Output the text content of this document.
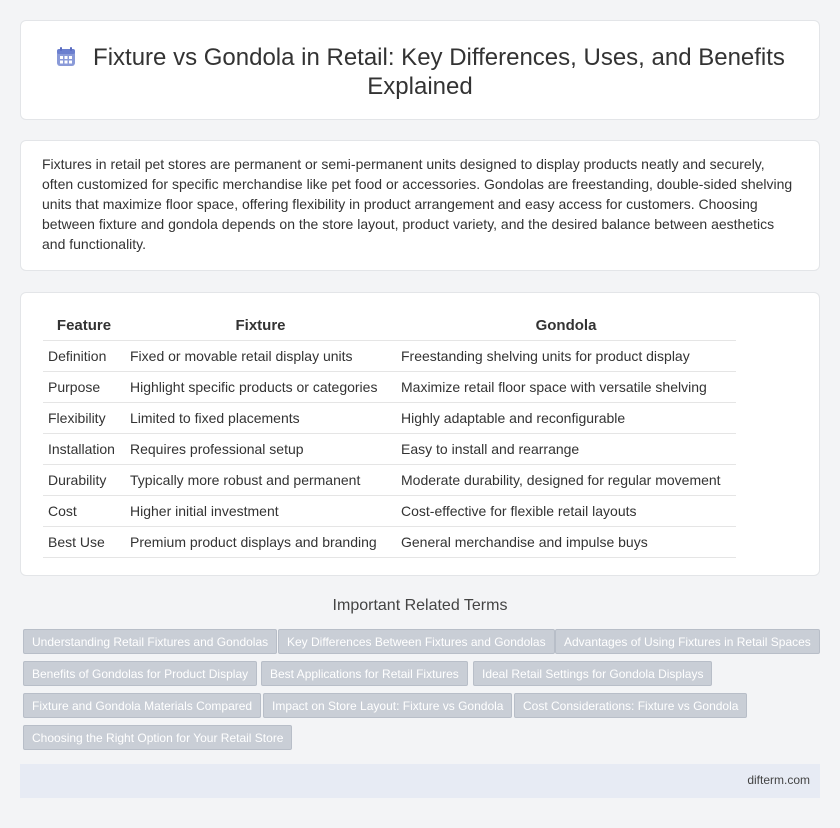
Fixture vs Gondola in Retail: Key Differences, Uses, and Benefits Explained

Fixtures in retail pet stores are permanent or semi-permanent units designed to display products neatly and securely, often customized for specific merchandise like pet food or accessories. Gondolas are freestanding, double-sided shelving units that maximize floor space, offering flexibility in product arrangement and easy access for customers. Choosing between fixture and gondola depends on the store layout, product variety, and the desired balance between aesthetics and functionality.

Feature	Fixture	Gondola
Definition	Fixed or movable retail display units	Freestanding shelving units for product display
Purpose	Highlight specific products or categories	Maximize retail floor space with versatile shelving
Flexibility	Limited to fixed placements	Highly adaptable and reconfigurable
Installation	Requires professional setup	Easy to install and rearrange
Durability	Typically more robust and permanent	Moderate durability, designed for regular movement
Cost	Higher initial investment	Cost-effective for flexible retail layouts
Best Use	Premium product displays and branding	General merchandise and impulse buys
Important Related Terms
Understanding Retail Fixtures and Gondolas	Key Differences Between Fixtures and Gondolas	Advantages of Using Fixtures in Retail Spaces
Benefits of Gondolas for Product Display	Best Applications for Retail Fixtures	Ideal Retail Settings for Gondola Displays
Fixture and Gondola Materials Compared	Impact on Store Layout: Fixture vs Gondola	Cost Considerations: Fixture vs Gondola
Choosing the Right Option for Your Retail Store
difterm.com
